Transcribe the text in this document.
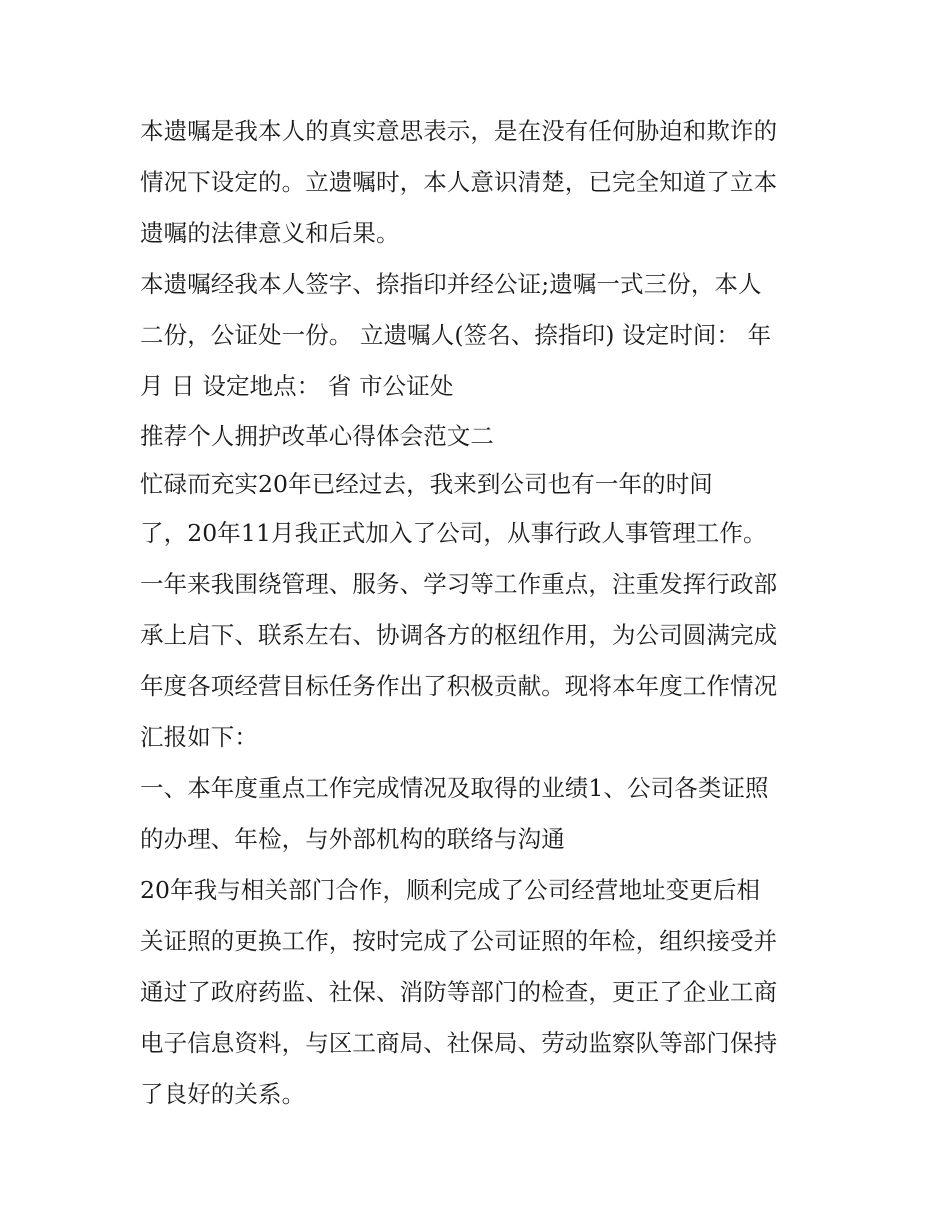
本遗嘱是我本人的真实意思表示，是在没有任何胁迫和欺诈的
情况下设定的。立遗嘱时，本人意识清楚，已完全知道了立本
遗嘱的法律意义和后果。
本遗嘱经我本人签字、捺指印并经公证;遗嘱一式三份，本人
二份，公证处一份。 立遗嘱人(签名、捺指印) 设定时间： 年
月 日 设定地点： 省 市公证处
推荐个人拥护改革心得体会范文二
忙碌而充实20年已经过去，我来到公司也有一年的时间
了，20年11月我正式加入了公司，从事行政人事管理工作。
一年来我围绕管理、服务、学习等工作重点，注重发挥行政部
承上启下、联系左右、协调各方的枢纽作用，为公司圆满完成
年度各项经营目标任务作出了积极贡献。现将本年度工作情况
汇报如下：
一、本年度重点工作完成情况及取得的业绩1、公司各类证照
的办理、年检，与外部机构的联络与沟通
20年我与相关部门合作，顺利完成了公司经营地址变更后相
关证照的更换工作，按时完成了公司证照的年检，组织接受并
通过了政府药监、社保、消防等部门的检查，更正了企业工商
电子信息资料，与区工商局、社保局、劳动监察队等部门保持
了良好的关系。
